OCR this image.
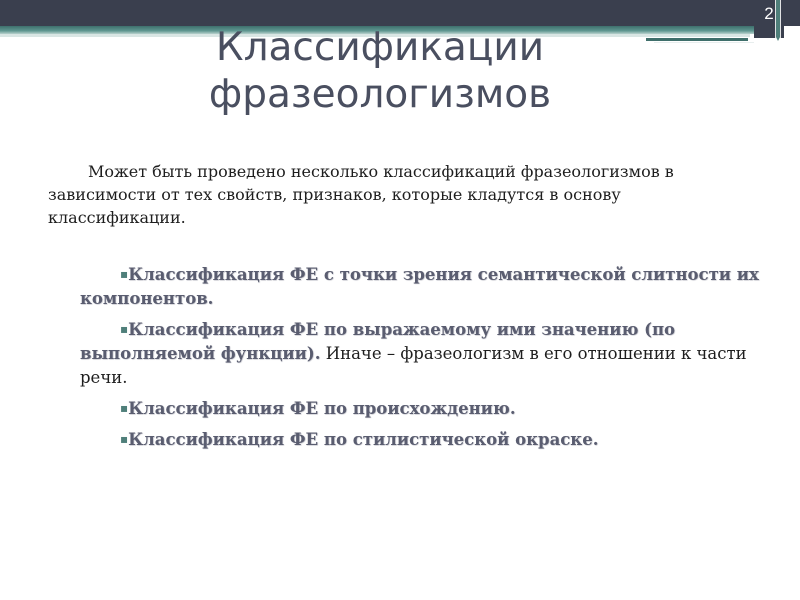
2
Классификации
фразеологизмов

Может быть проведено несколько классификаций фразеологизмов в зависимости от тех свойств, признаков, которые кладутся в основу классификации.

▪Классификация ФЕ с точки зрения семантической слитности их компонентов.
▪Классификация ФЕ по выражаемому ими значению (по выполняемой функции). Иначе – фразеологизм в его отношении к части речи.
▪Классификация ФЕ по происхождению.
▪Классификация ФЕ по стилистической окраске.
